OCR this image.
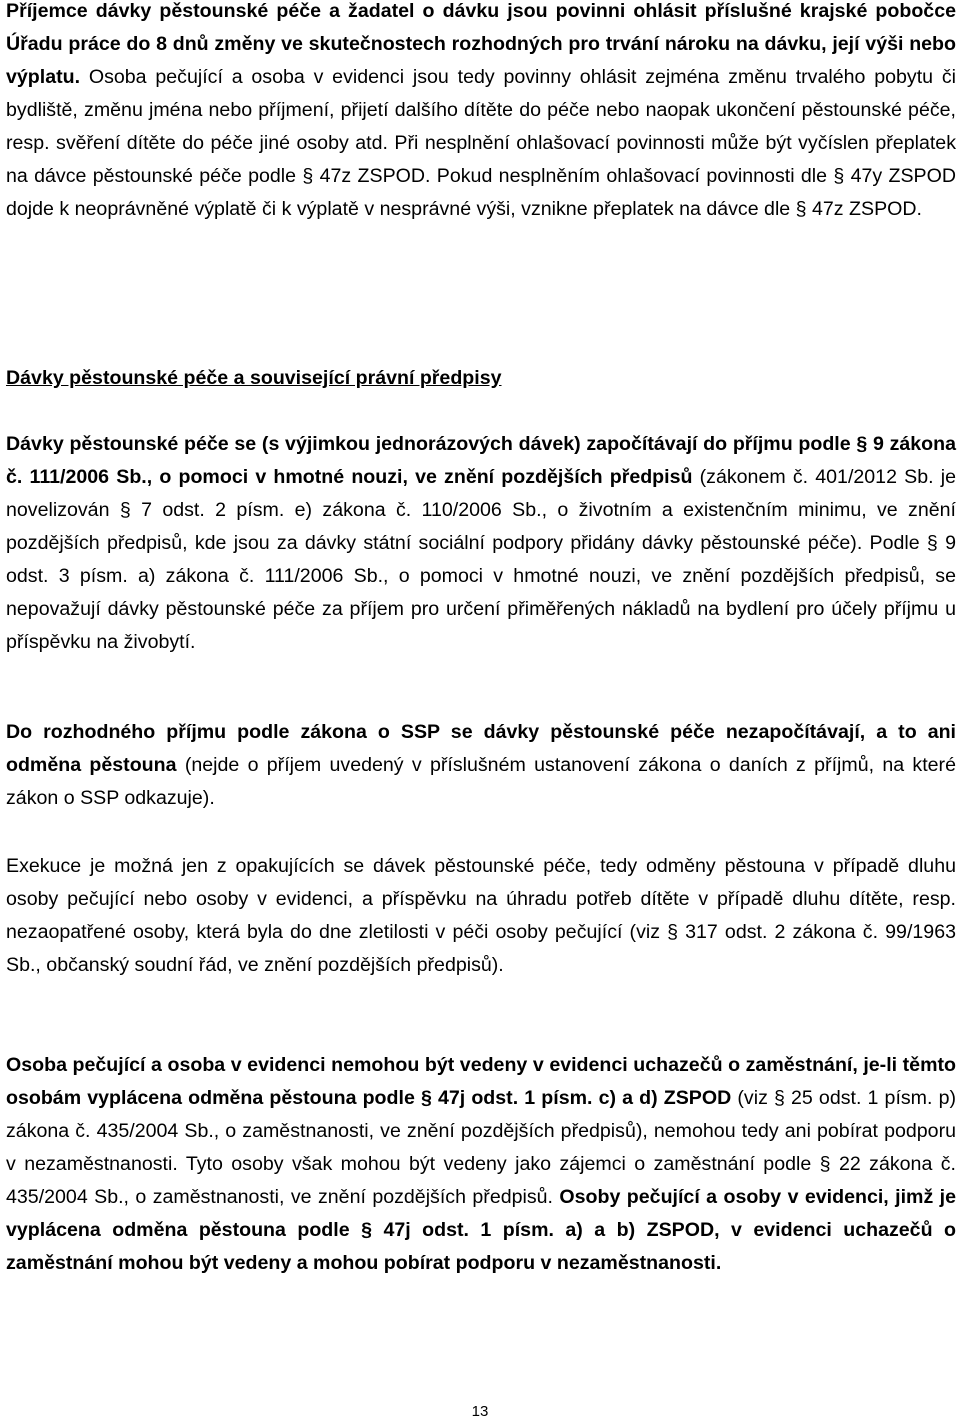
Příjemce dávky pěstounské péče a žadatel o dávku jsou povinni ohlásit příslušné krajské pobočce Úřadu práce do 8 dnů změny ve skutečnostech rozhodných pro trvání nároku na dávku, její výši nebo výplatu. Osoba pečující a osoba v evidenci jsou tedy povinny ohlásit zejména změnu trvalého pobytu či bydliště, změnu jména nebo příjmení, přijetí dalšího dítěte do péče nebo naopak ukončení pěstounské péče, resp. svěření dítěte do péče jiné osoby atd. Při nesplnění ohlašovací povinnosti může být vyčíslen přeplatek na dávce pěstounské péče podle § 47z ZSPOD. Pokud nesplněním ohlašovací povinnosti dle § 47y ZSPOD dojde k neoprávněné výplatě či k výplatě v nesprávné výši, vznikne přeplatek na dávce dle § 47z ZSPOD.

Dávky pěstounské péče a související právní předpisy

Dávky pěstounské péče se (s výjimkou jednorázových dávek) započítávají do příjmu podle § 9 zákona č. 111/2006 Sb., o pomoci v hmotné nouzi, ve znění pozdějších předpisů (zákonem č. 401/2012 Sb. je novelizován § 7 odst. 2 písm. e) zákona č. 110/2006 Sb., o životním a existenčním minimu, ve znění pozdějších předpisů, kde jsou za dávky státní sociální podpory přidány dávky pěstounské péče). Podle § 9 odst. 3 písm. a) zákona č. 111/2006 Sb., o pomoci v hmotné nouzi, ve znění pozdějších předpisů, se nepovažují dávky pěstounské péče za příjem pro určení přiměřených nákladů na bydlení pro účely příjmu u příspěvku na živobytí.

Do rozhodného příjmu podle zákona o SSP se dávky pěstounské péče nezapočítávají, a to ani odměna pěstouna (nejde o příjem uvedený v příslušném ustanovení zákona o daních z příjmů, na které zákon o SSP odkazuje).

Exekuce je možná jen z opakujících se dávek pěstounské péče, tedy odměny pěstouna v případě dluhu osoby pečující nebo osoby v evidenci, a příspěvku na úhradu potřeb dítěte v případě dluhu dítěte, resp. nezaopatřené osoby, která byla do dne zletilosti v péči osoby pečující (viz § 317 odst. 2 zákona č. 99/1963 Sb., občanský soudní řád, ve znění pozdějších předpisů).

Osoba pečující a osoba v evidenci nemohou být vedeny v evidenci uchazečů o zaměstnání, je-li těmto osobám vyplácena odměna pěstouna podle § 47j odst. 1 písm. c) a d) ZSPOD (viz § 25 odst. 1 písm. p) zákona č. 435/2004 Sb., o zaměstnanosti, ve znění pozdějších předpisů), nemohou tedy ani pobírat podporu v nezaměstnanosti. Tyto osoby však mohou být vedeny jako zájemci o zaměstnání podle § 22 zákona č. 435/2004 Sb., o zaměstnanosti, ve znění pozdějších předpisů. Osoby pečující a osoby v evidenci, jimž je vyplácena odměna pěstouna podle § 47j odst. 1 písm. a) a b) ZSPOD, v evidenci uchazečů o zaměstnání mohou být vedeny a mohou pobírat podporu v nezaměstnanosti.

13
